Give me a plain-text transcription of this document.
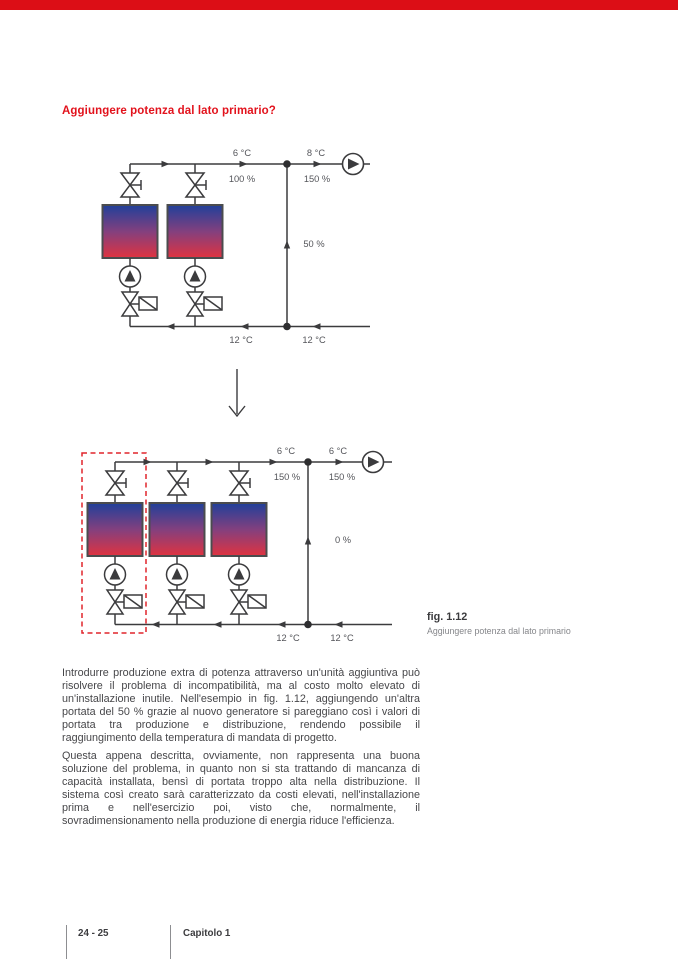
Aggiungere potenza dal lato primario?
6 °C	8 °C
100 %	150 %
50 %
12 °C	12 °C
6 °C	6 °C
150 %	150 %
0 %
12 °C	12 °C
fig. 1.12
Aggiungere potenza dal lato primario

Introdurre produzione extra di potenza attraverso un'unità aggiuntiva può risolvere il problema di incompatibilità, ma al costo molto elevato di un'installazione inutile. Nell'esempio in fig. 1.12, aggiungendo un'altra portata del 50 % grazie al nuovo generatore si pareggiano così i valori di portata tra produzione e distribuzione, rendendo possibile il raggiungimento della temperatura di mandata di progetto.

Questa appena descritta, ovviamente, non rappresenta una buona soluzione del problema, in quanto non si sta trattando di mancanza di capacità installata, bensì di portata troppo alta nella distribuzione. Il sistema così creato sarà caratterizzato da costi elevati, nell'installazione prima e nell'esercizio poi, visto che, normalmente, il sovradimensionamento nella produzione di energia riduce l'efficienza.

24 - 25	Capitolo 1
